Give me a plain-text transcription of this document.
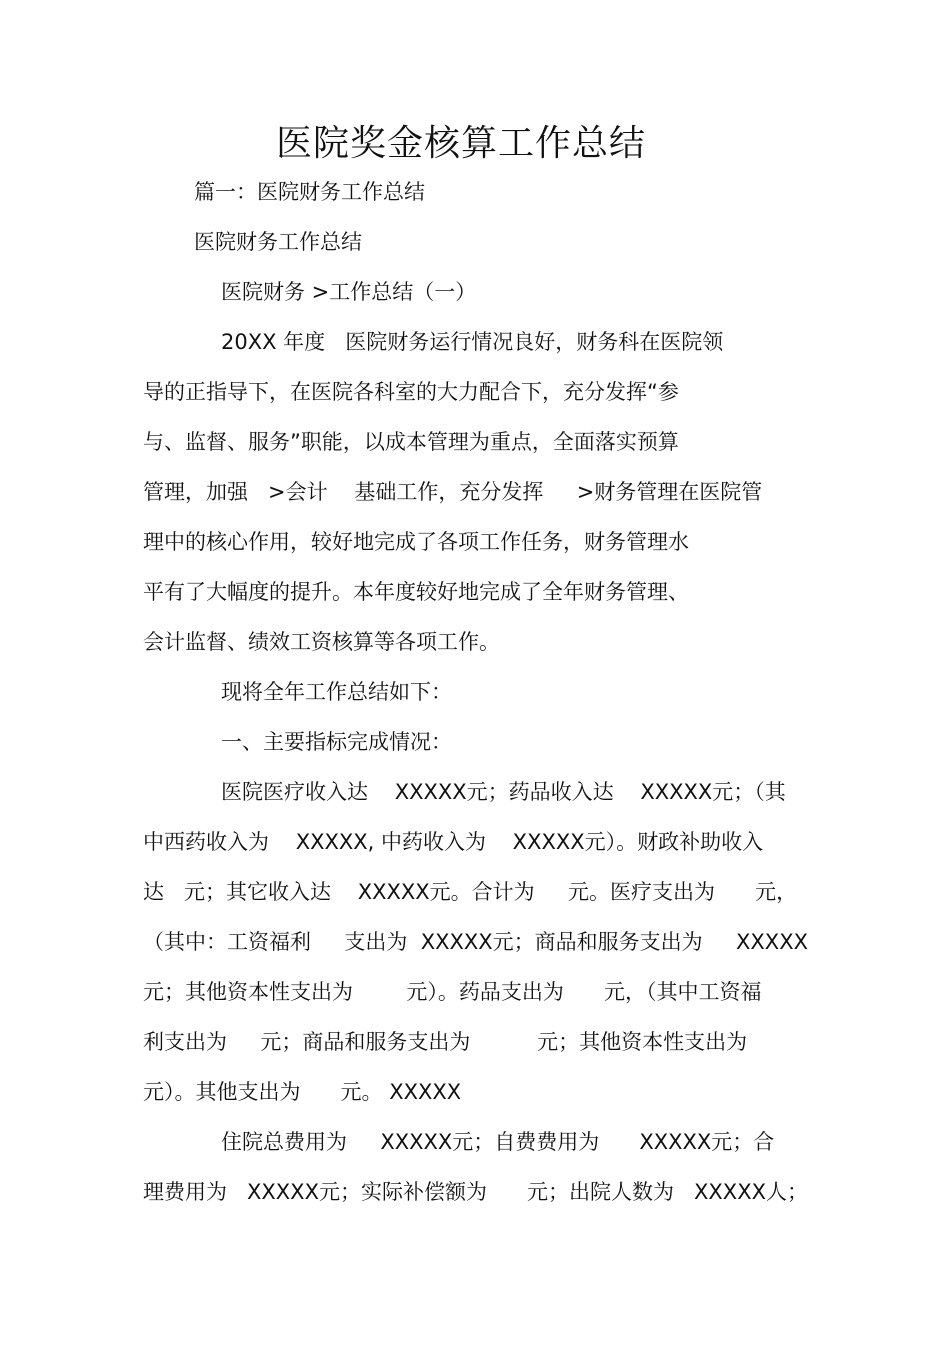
医院奖金核算工作总结

篇一：医院财务工作总结

医院财务工作总结

医院财务 >工作总结（一）

20XX 年度   医院财务运行情况良好，财务科在医院领

导的正指导下，在医院各科室的大力配合下，充分发挥“参

与、监督、服务”职能，以成本管理为重点，全面落实预算

管理，加强   >会计    基础工作，充分发挥     >财务管理在医院管

理中的核心作用，较好地完成了各项工作任务，财务管理水

平有了大幅度的提升。本年度较好地完成了全年财务管理、

会计监督、绩效工资核算等各项工作。

现将全年工作总结如下：

一、主要指标完成情况：

医院医疗收入达    XXXXX元；药品收入达    XXXXX元；（其

中西药收入为    XXXXX, 中药收入为    XXXXX元）。财政补助收入

达   元；其它收入达    XXXXX元。合计为     元。医疗支出为      元，

（其中：工资福利     支出为  XXXXX元；商品和服务支出为     XXXXX

元；其他资本性支出为        元）。药品支出为      元，（其中工资福

利支出为     元；商品和服务支出为          元；其他资本性支出为

元）。其他支出为      元。 XXXXX

住院总费用为     XXXXX元；自费费用为      XXXXX元；合

理费用为   XXXXX元；实际补偿额为      元；出院人数为   XXXXX人；
